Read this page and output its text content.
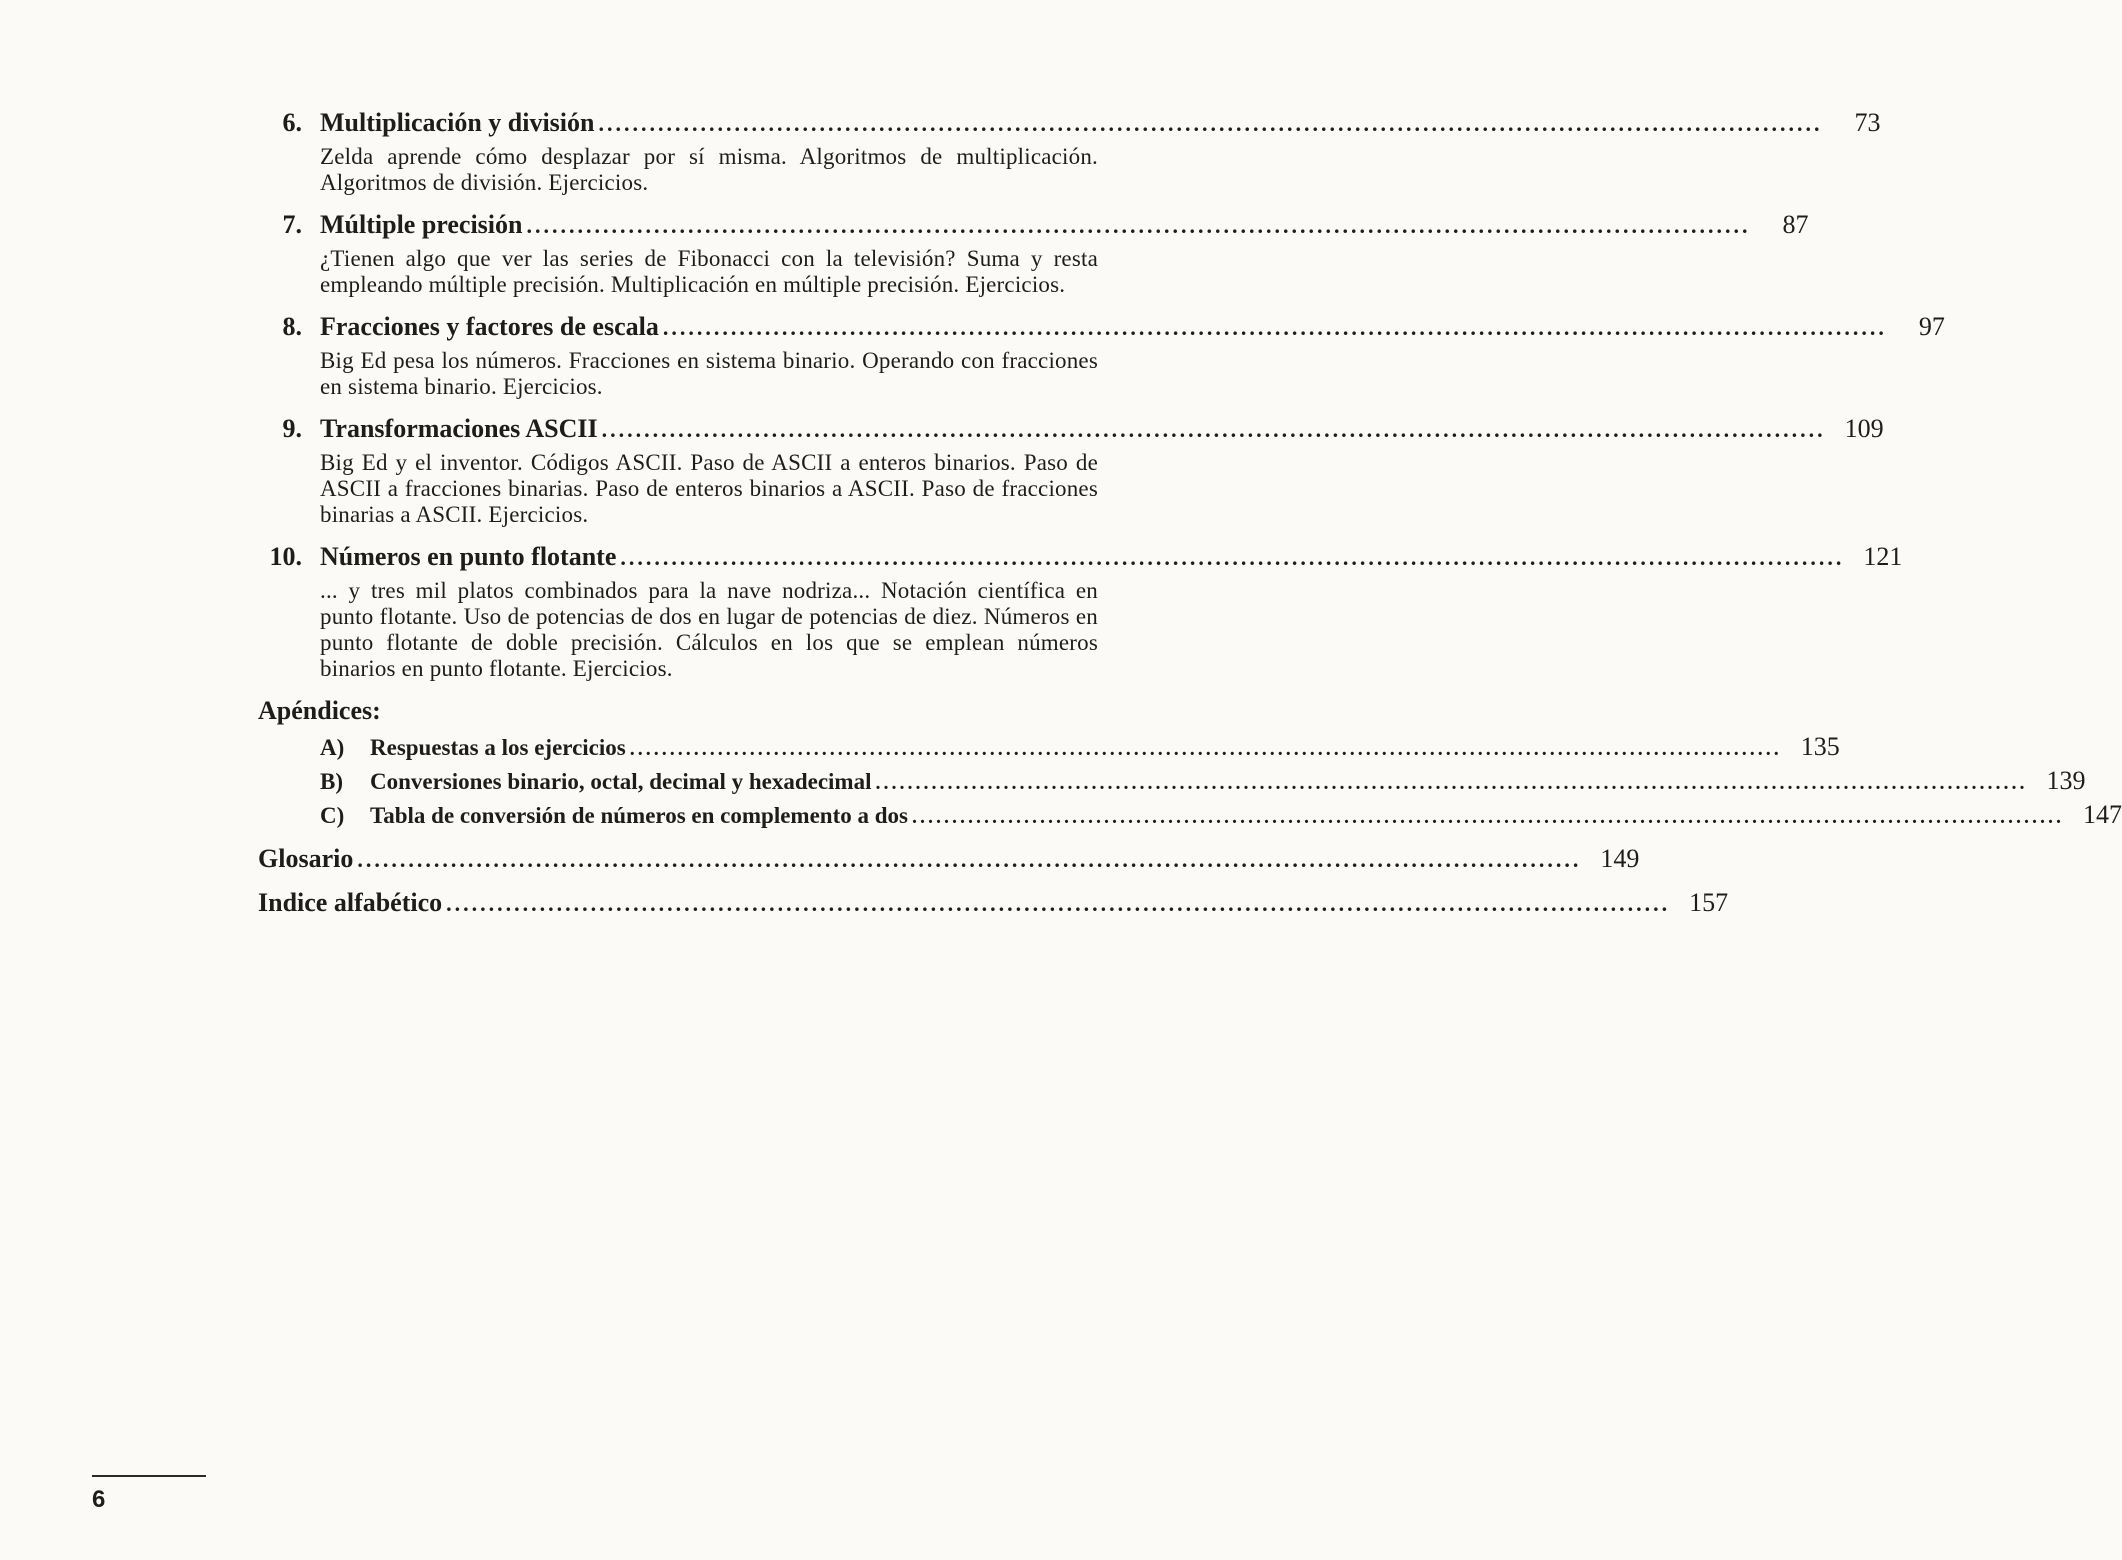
6. Multiplicación y división ................................................................................................................................................	73
Zelda aprende cómo desplazar por sí misma. Algoritmos de multiplicación. Algoritmos de división. Ejercicios.
7. Múltiple precisión ................................................................................................................................................	87
¿Tienen algo que ver las series de Fibonacci con la televisión? Suma y resta empleando múltiple precisión. Multiplicación en múltiple precisión. Ejercicios.
8. Fracciones y factores de escala ................................................................................................................................................	97
Big Ed pesa los números. Fracciones en sistema binario. Operando con fracciones en sistema binario. Ejercicios.
9. Transformaciones ASCII ................................................................................................................................................ 109
Big Ed y el inventor. Códigos ASCII. Paso de ASCII a enteros binarios. Paso de ASCII a fracciones binarias. Paso de enteros binarios a ASCII. Paso de fracciones binarias a ASCII. Ejercicios.
10. Números en punto flotante ................................................................................................................................................ 121
... y tres mil platos combinados para la nave nodriza... Notación científica en punto flotante. Uso de potencias de dos en lugar de potencias de diez. Números en punto flotante de doble precisión. Cálculos en los que se emplean números binarios en punto flotante. Ejercicios.
Apéndices:
A)	Respuestas a los ejercicios ................................................................................................................................................ 135
B)	Conversiones binario, octal, decimal y hexadecimal ................................................................................................................................................ 139
C)	Tabla de conversión de números en complemento a dos ................................................................................................................................................ 147
Glosario ................................................................................................................................................ 149
Indice alfabético ................................................................................................................................................ 157
6
